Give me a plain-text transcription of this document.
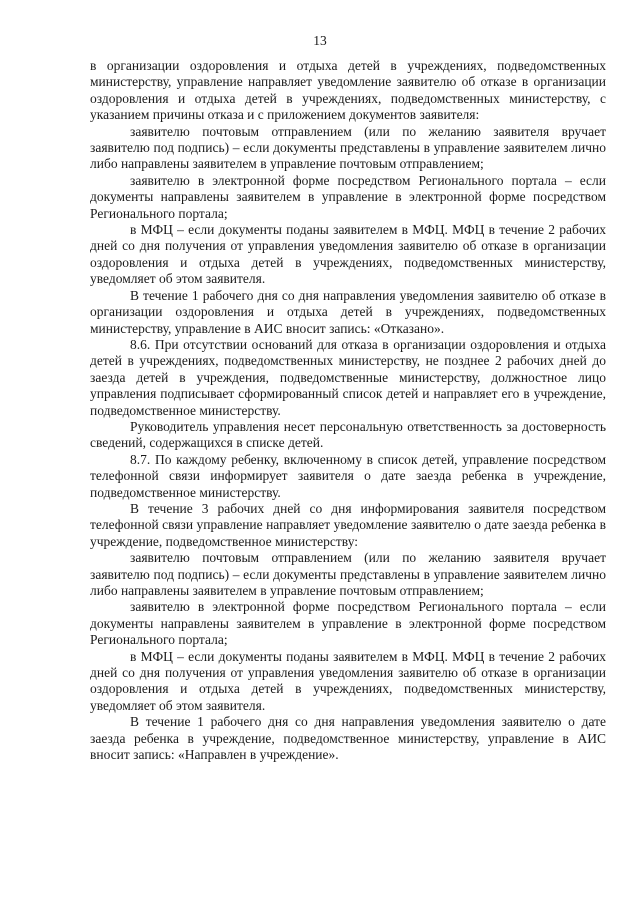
13

в организации оздоровления и отдыха детей в учреждениях, подведомственных министерству, управление направляет уведомление заявителю об отказе в организации оздоровления и отдыха детей в учреждениях, подведомственных министерству, с указанием причины отказа и с приложением документов заявителя:

заявителю почтовым отправлением (или по желанию заявителя вручает заявителю под подпись) – если документы представлены в управление заявителем лично либо направлены заявителем в управление почтовым отправлением;

заявителю в электронной форме посредством Регионального портала – если документы направлены заявителем в управление в электронной форме посредством Регионального портала;

в МФЦ – если документы поданы заявителем в МФЦ. МФЦ в течение 2 рабочих дней со дня получения от управления уведомления заявителю об отказе в организации оздоровления и отдыха детей в учреждениях, подведомственных министерству, уведомляет об этом заявителя.

В течение 1 рабочего дня со дня направления уведомления заявителю об отказе в организации оздоровления и отдыха детей в учреждениях, подведомственных министерству, управление в АИС вносит запись: «Отказано».

8.6. При отсутствии оснований для отказа в организации оздоровления и отдыха детей в учреждениях, подведомственных министерству, не позднее 2 рабочих дней до заезда детей в учреждения, подведомственные министерству, должностное лицо управления подписывает сформированный список детей и направляет его в учреждение, подведомственное министерству.

Руководитель управления несет персональную ответственность за достоверность сведений, содержащихся в списке детей.

8.7. По каждому ребенку, включенному в список детей, управление посредством телефонной связи информирует заявителя о дате заезда ребенка в учреждение, подведомственное министерству.

В течение 3 рабочих дней со дня информирования заявителя посредством телефонной связи управление направляет уведомление заявителю о дате заезда ребенка в учреждение, подведомственное министерству:

заявителю почтовым отправлением (или по желанию заявителя вручает заявителю под подпись) – если документы представлены в управление заявителем лично либо направлены заявителем в управление почтовым отправлением;

заявителю в электронной форме посредством Регионального портала – если документы направлены заявителем в управление в электронной форме посредством Регионального портала;

в МФЦ – если документы поданы заявителем в МФЦ. МФЦ в течение 2 рабочих дней со дня получения от управления уведомления заявителю об отказе в организации оздоровления и отдыха детей в учреждениях, подведомственных министерству, уведомляет об этом заявителя.

В течение 1 рабочего дня со дня направления уведомления заявителю о дате заезда ребенка в учреждение, подведомственное министерству, управление в АИС вносит запись: «Направлен в учреждение».
